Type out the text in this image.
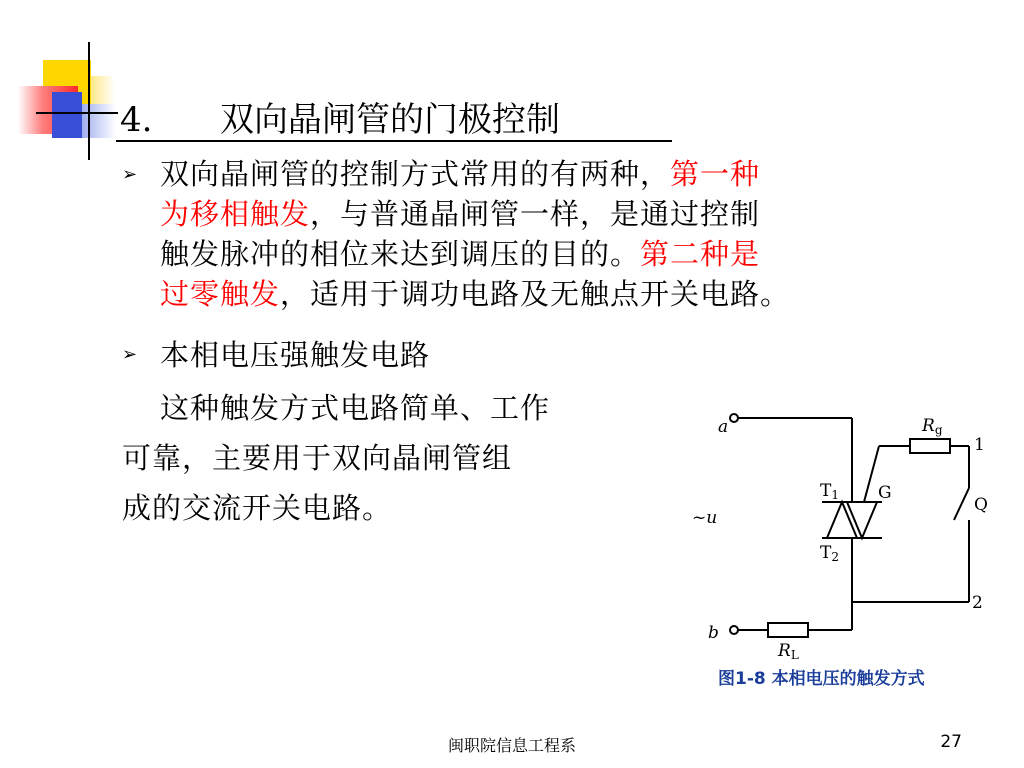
4. 双向晶闸管的门极控制
➢ 双向晶闸管的控制方式常用的有两种，第一种
为移相触发，与普通晶闸管一样，是通过控制
触发脉冲的相位来达到调压的目的。第二种是
过零触发，适用于调功电路及无触点开关电路。
➢ 本相电压强触发电路
这种触发方式电路简单、工作
可靠，主要用于双向晶闸管组
成的交流开关电路。
a
b
~u
Rg
RL
T1
T2
G
Q
1
2
图1-8 本相电压的触发方式
闽职院信息工程系	27
